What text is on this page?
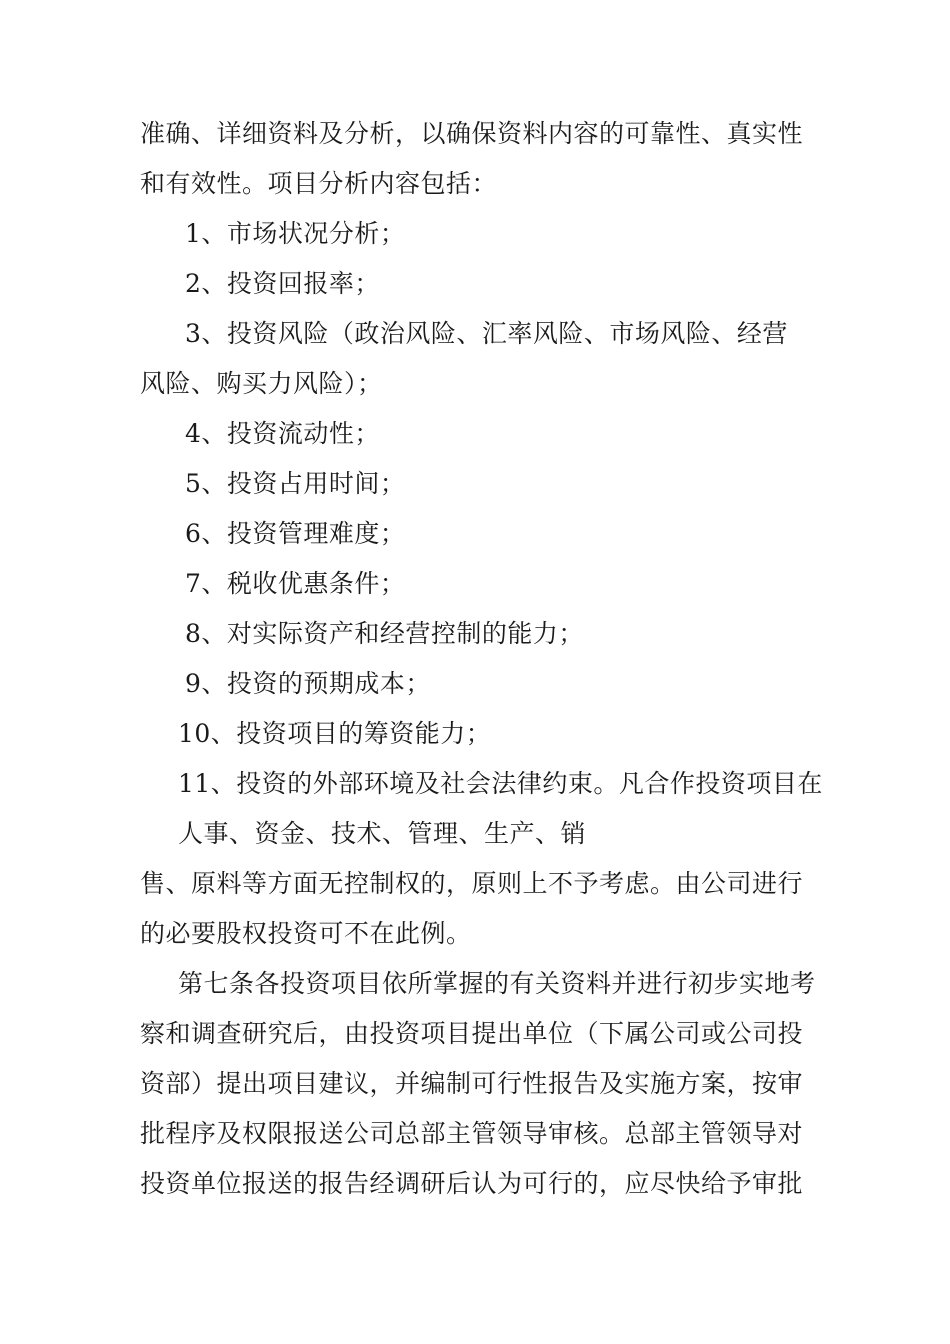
准确、详细资料及分析，以确保资料内容的可靠性、真实性
和有效性。项目分析内容包括：
1、市场状况分析；
2、投资回报率；
3、投资风险（政治风险、汇率风险、市场风险、经营
风险、购买力风险）；
4、投资流动性；
5、投资占用时间；
6、投资管理难度；
7、税收优惠条件；
8、对实际资产和经营控制的能力；
9、投资的预期成本；
10、投资项目的筹资能力；
11、投资的外部环境及社会法律约束。凡合作投资项目在
人事、资金、技术、管理、生产、销
售、原料等方面无控制权的，原则上不予考虑。由公司进行
的必要股权投资可不在此例。
第七条各投资项目依所掌握的有关资料并进行初步实地考
察和调查研究后，由投资项目提出单位（下属公司或公司投
资部）提出项目建议，并编制可行性报告及实施方案，按审
批程序及权限报送公司总部主管领导审核。总部主管领导对
投资单位报送的报告经调研后认为可行的，应尽快给予审批
